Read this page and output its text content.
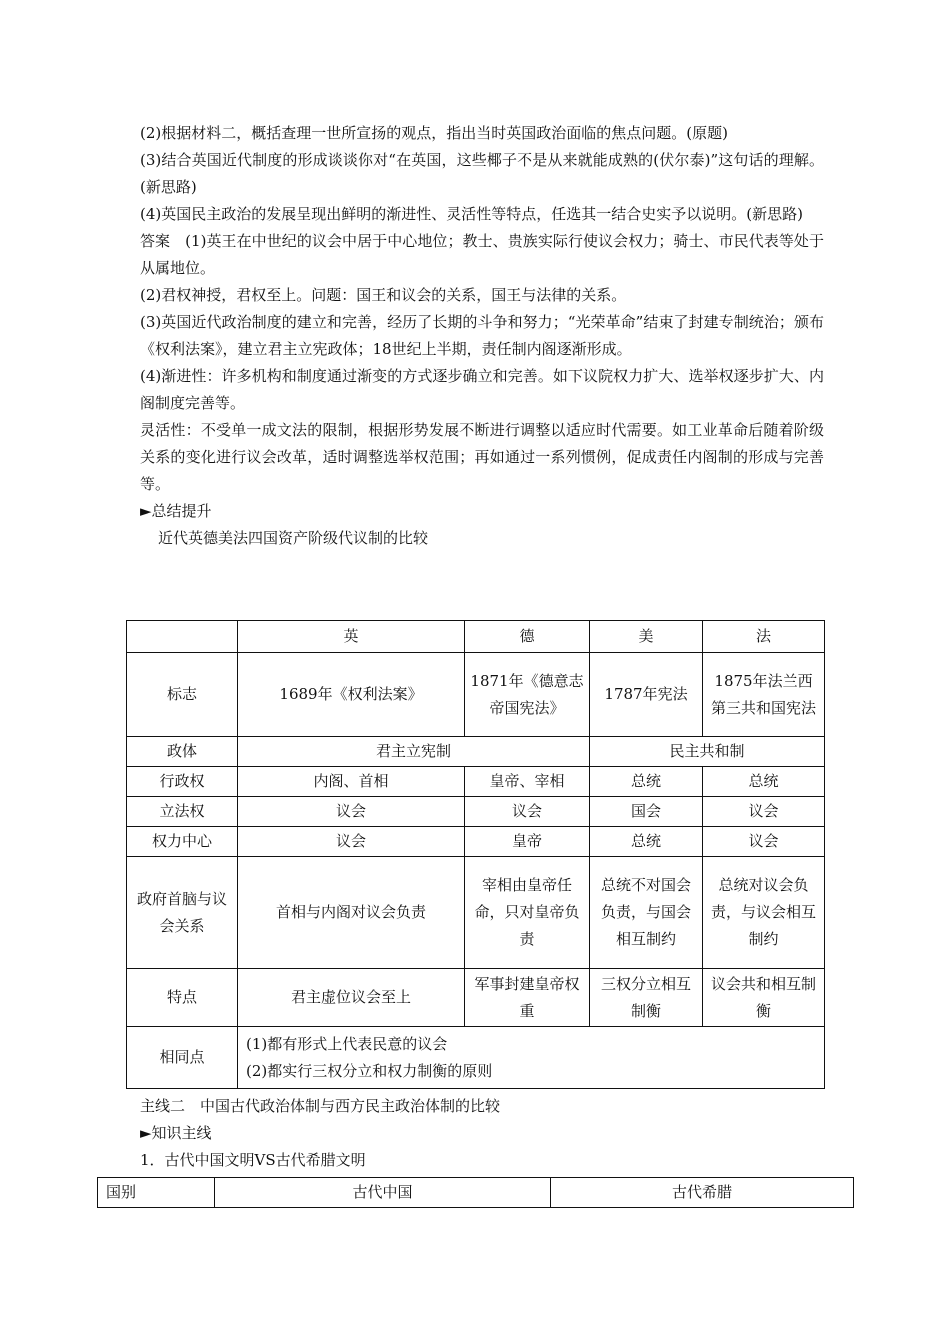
(2)根据材料二，概括查理一世所宣扬的观点，指出当时英国政治面临的焦点问题。(原题)

(3)结合英国近代制度的形成谈谈你对“在英国，这些椰子不是从来就能成熟的(伏尔泰)”这句话的理解。(新思路)

(4)英国民主政治的发展呈现出鲜明的渐进性、灵活性等特点，任选其一结合史实予以说明。(新思路)

答案　(1)英王在中世纪的议会中居于中心地位；教士、贵族实际行使议会权力；骑士、市民代表等处于从属地位。

(2)君权神授，君权至上。问题：国王和议会的关系，国王与法律的关系。

(3)英国近代政治制度的建立和完善，经历了长期的斗争和努力；“光荣革命”结束了封建专制统治；颁布《权利法案》，建立君主立宪政体；18世纪上半期，责任制内阁逐渐形成。

(4)渐进性：许多机构和制度通过渐变的方式逐步确立和完善。如下议院权力扩大、选举权逐步扩大、内阁制度完善等。

灵活性：不受单一成文法的限制，根据形势发展不断进行调整以适应时代需要。如工业革命后随着阶级关系的变化进行议会改革，适时调整选举权范围；再如通过一系列惯例，促成责任内阁制的形成与完善等。

►总结提升

近代英德美法四国资产阶级代议制的比较

	英	德	美	法
标志	1689年《权利法案》	1871年《德意志帝国宪法》	1787年宪法	1875年法兰西第三共和国宪法
政体	君主立宪制		民主共和制	
行政权	内阁、首相	皇帝、宰相	总统	总统
立法权	议会	议会	国会	议会
权力中心	议会	皇帝	总统	议会
政府首脑与议会关系	首相与内阁对议会负责	宰相由皇帝任命，只对皇帝负责	总统不对国会负责，与国会相互制约	总统对议会负责，与议会相互制约
特点	君主虚位议会至上	军事封建皇帝权重	三权分立相互制衡	议会共和相互制衡
相同点	(1)都有形式上代表民意的议会
(2)都实行三权分立和权力制衡的原则			

主线二　中国古代政治体制与西方民主政治体制的比较

►知识主线

1．古代中国文明VS古代希腊文明

国别	古代中国	古代希腊
